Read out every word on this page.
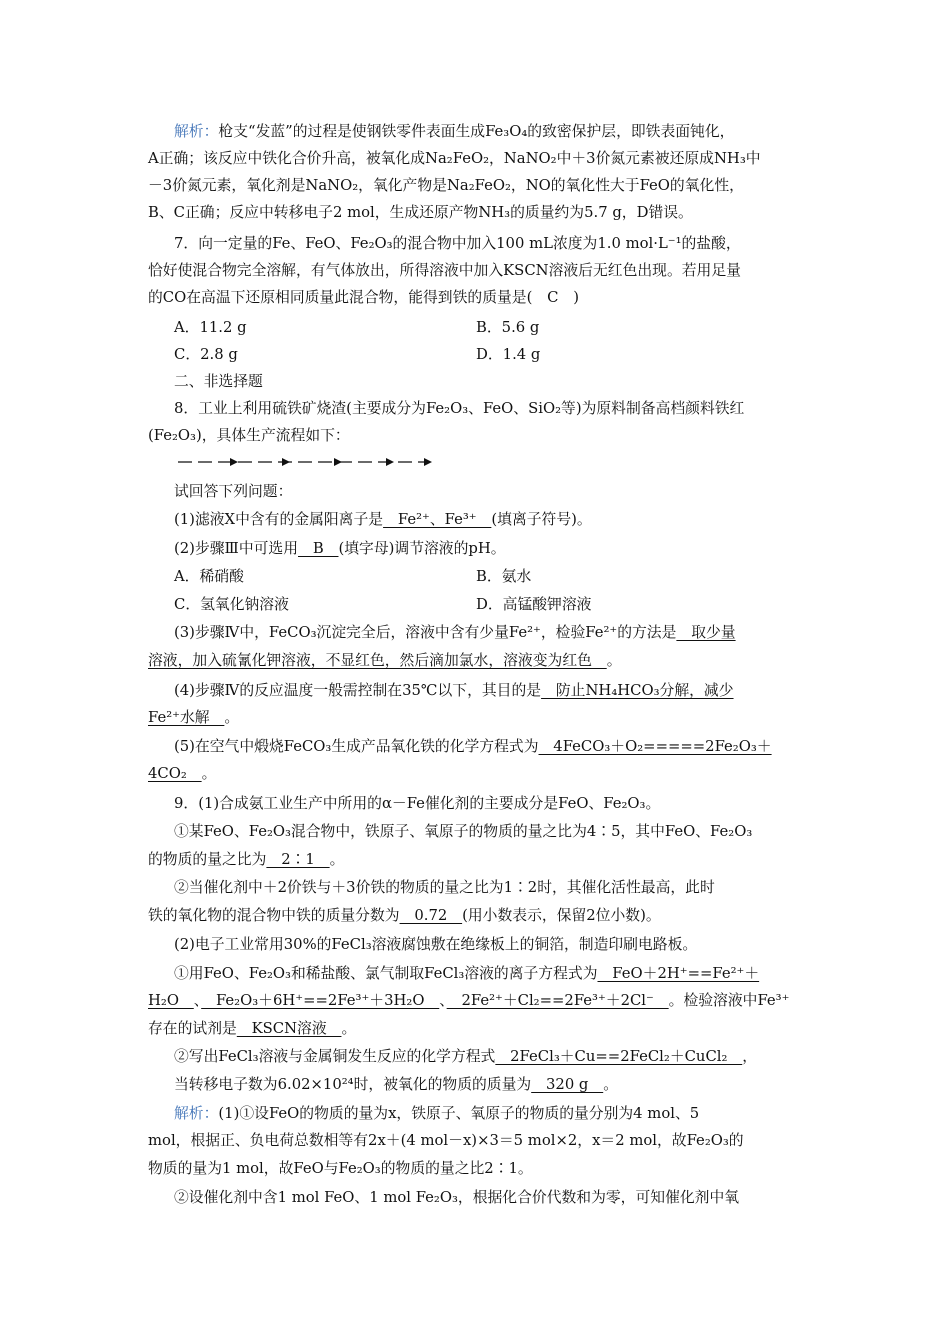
解析：枪支“发蓝”的过程是使钢铁零件表面生成Fe₃O₄的致密保护层，即铁表面钝化，
A正确；该反应中铁化合价升高，被氧化成Na₂FeO₂，NaNO₂中＋3价氮元素被还原成NH₃中
－3价氮元素，氧化剂是NaNO₂，氧化产物是Na₂FeO₂，NO的氧化性大于FeO的氧化性，
B、C正确；反应中转移电子2 mol，生成还原产物NH₃的质量约为5.7 g，D错误。
7．向一定量的Fe、FeO、Fe₂O₃的混合物中加入100 mL浓度为1.0 mol·L⁻¹的盐酸，
恰好使混合物完全溶解，有气体放出，所得溶液中加入KSCN溶液后无红色出现。若用足量
的CO在高温下还原相同质量此混合物，能得到铁的质量是(　C　)
A．11.2 g	B．5.6 g
C．2.8 g	D．1.4 g
二、非选择题
8．工业上利用硫铁矿烧渣(主要成分为Fe₂O₃、FeO、SiO₂等)为原料制备高档颜料铁红
(Fe₂O₃)，具体生产流程如下：
试回答下列问题：
(1)滤液X中含有的金属阳离子是　Fe²⁺、Fe³⁺　(填离子符号)。
(2)步骤Ⅲ中可选用　B　(填字母)调节溶液的pH。
A．稀硝酸	B．氨水
C．氢氧化钠溶液	D．高锰酸钾溶液
(3)步骤Ⅳ中，FeCO₃沉淀完全后，溶液中含有少量Fe²⁺，检验Fe²⁺的方法是　取少量
溶液，加入硫氰化钾溶液，不显红色，然后滴加氯水，溶液变为红色　。
(4)步骤Ⅳ的反应温度一般需控制在35℃以下，其目的是　防止NH₄HCO₃分解，减少
Fe²⁺水解　。
(5)在空气中煅烧FeCO₃生成产品氧化铁的化学方程式为　4FeCO₃＋O₂=====2Fe₂O₃＋
4CO₂　。
9．(1)合成氨工业生产中所用的α－Fe催化剂的主要成分是FeO、Fe₂O₃。
①某FeO、Fe₂O₃混合物中，铁原子、氧原子的物质的量之比为4∶5，其中FeO、Fe₂O₃
的物质的量之比为　2∶1　。
②当催化剂中＋2价铁与＋3价铁的物质的量之比为1∶2时，其催化活性最高，此时
铁的氧化物的混合物中铁的质量分数为　0.72　(用小数表示，保留2位小数)。
(2)电子工业常用30%的FeCl₃溶液腐蚀敷在绝缘板上的铜箔，制造印刷电路板。
①用FeO、Fe₂O₃和稀盐酸、氯气制取FeCl₃溶液的离子方程式为　FeO＋2H⁺==Fe²⁺＋
H₂O　、　Fe₂O₃＋6H⁺==2Fe³⁺＋3H₂O　、　2Fe²⁺＋Cl₂==2Fe³⁺＋2Cl⁻　。检验溶液中Fe³⁺
存在的试剂是　KSCN溶液　。
②写出FeCl₃溶液与金属铜发生反应的化学方程式　2FeCl₃＋Cu==2FeCl₂＋CuCl₂　，
当转移电子数为6.02×10²⁴时，被氧化的物质的质量为　320 g　。
解析：(1)①设FeO的物质的量为x，铁原子、氧原子的物质的量分别为4 mol、5
mol，根据正、负电荷总数相等有2x＋(4 mol－x)×3＝5 mol×2，x＝2 mol，故Fe₂O₃的
物质的量为1 mol，故FeO与Fe₂O₃的物质的量之比2∶1。
②设催化剂中含1 mol FeO、1 mol Fe₂O₃，根据化合价代数和为零，可知催化剂中氧
